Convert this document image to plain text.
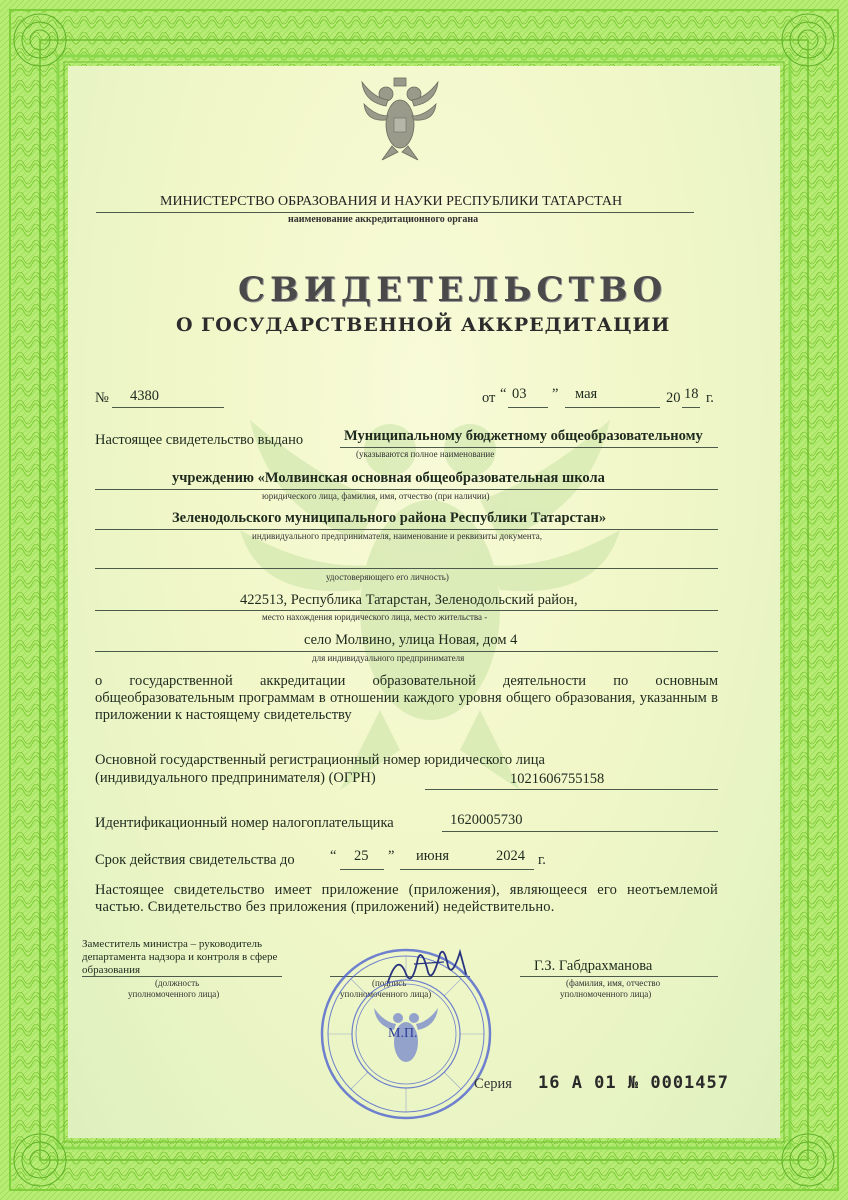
МИНИСТЕРСТВО ОБРАЗОВАНИЯ И НАУКИ РЕСПУБЛИКИ ТАТАРСТАН
наименование аккредитационного органа
СВИДЕТЕЛЬСТВО
О ГОСУДАРСТВЕННОЙ АККРЕДИТАЦИИ
№ 4380	от “ 03 ” мая	20 18 г.
Настоящее свидетельство выдано	Муниципальному бюджетному общеобразовательному
(указываются полное наименование
учреждению «Молвинская основная общеобразовательная школа
юридического лица, фамилия, имя, отчество (при наличии)
Зеленодольского муниципального района Республики Татарстан»
индивидуального предпринимателя, наименование и реквизиты документа,
удостоверяющего его личность)
422513, Республика Татарстан, Зеленодольский район,
место нахождения юридического лица, место жительства -
село Молвино, улица Новая, дом 4
для индивидуального предпринимателя
о государственной аккредитации образовательной деятельности по основным общеобразовательным программам в отношении каждого уровня общего образования, указанным в приложении к настоящему свидетельству
Основной государственный регистрационный номер юридического лица
(индивидуального предпринимателя) (ОГРН)	1021606755158
Идентификационный номер налогоплательщика	1620005730
Срок действия свидетельства до “ 25 ” июня	2024 г.
Настоящее свидетельство имеет приложение (приложения), являющееся его неотъемлемой частью. Свидетельство без приложения (приложений) недействительно.
Заместитель министра – руководитель департамента надзора и контроля в сфере образования
(должность
уполномоченного лица)
(подпись
уполномоченного лица)
Г.З. Габдрахманова
(фамилия, имя, отчество
уполномоченного лица)
М.П.
Серия 16 А 01 № 0001457
